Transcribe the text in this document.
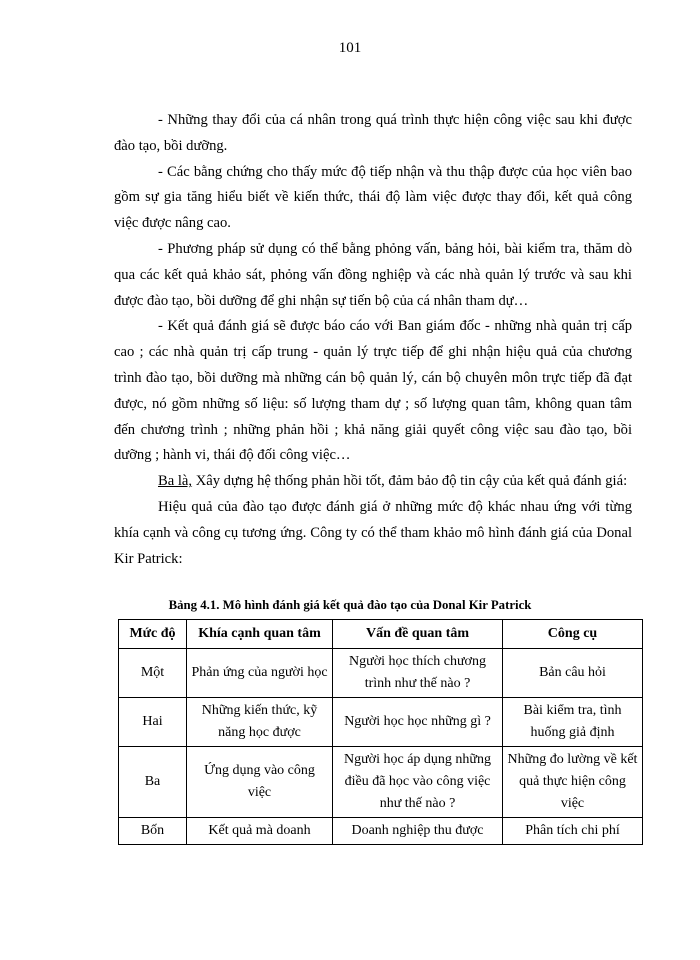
101

- Những thay đổi của cá nhân trong quá trình thực hiện công việc sau khi được đào tạo, bồi dưỡng.

- Các bằng chứng cho thấy mức độ tiếp nhận và thu thập được của học viên bao gồm sự gia tăng hiểu biết về kiến thức, thái độ làm việc được thay đổi, kết quả công việc được nâng cao.

- Phương pháp sử dụng có thể bằng phỏng vấn, bảng hỏi, bài kiểm tra, thăm dò qua các kết quả khảo sát, phỏng vấn đồng nghiệp và các nhà quản lý trước và sau khi được đào tạo, bồi dưỡng để ghi nhận sự tiến bộ của cá nhân tham dự…

- Kết quả đánh giá sẽ được báo cáo với Ban giám đốc - những nhà quản trị cấp cao ; các nhà quản trị cấp trung - quản lý trực tiếp để ghi nhận hiệu quả của chương trình đào tạo, bồi dưỡng mà những cán bộ quản lý, cán bộ chuyên môn trực tiếp đã đạt được, nó gồm những số liệu: số lượng tham dự ; số lượng quan tâm, không quan tâm đến chương trình ; những phản hồi ; khả năng giải quyết công việc sau đào tạo, bồi dưỡng ; hành vi, thái độ đối công việc…

Ba là, Xây dựng hệ thống phản hồi tốt, đảm bảo độ tin cậy của kết quả đánh giá:

Hiệu quả của đào tạo được đánh giá ở những mức độ khác nhau ứng với từng khía cạnh và công cụ tương ứng. Công ty có thể tham khảo mô hình đánh giá của Donal Kir Patrick:

Bảng 4.1. Mô hình đánh giá kết quả đào tạo của Donal Kir Patrick
Mức độ	Khía cạnh quan tâm	Vấn đề quan tâm	Công cụ
Một	Phản ứng của người học	Người học thích chương trình như thế nào ?	Bản câu hỏi
Hai	Những kiến thức, kỹ năng học được	Người học học những gì ?	Bài kiểm tra, tình huống giả định
Ba	Ứng dụng vào công việc	Người học áp dụng những điều đã học vào công việc như thế nào ?	Những đo lường về kết quả thực hiện công việc
Bốn	Kết quả mà doanh	Doanh nghiệp thu được	Phân tích chi phí
